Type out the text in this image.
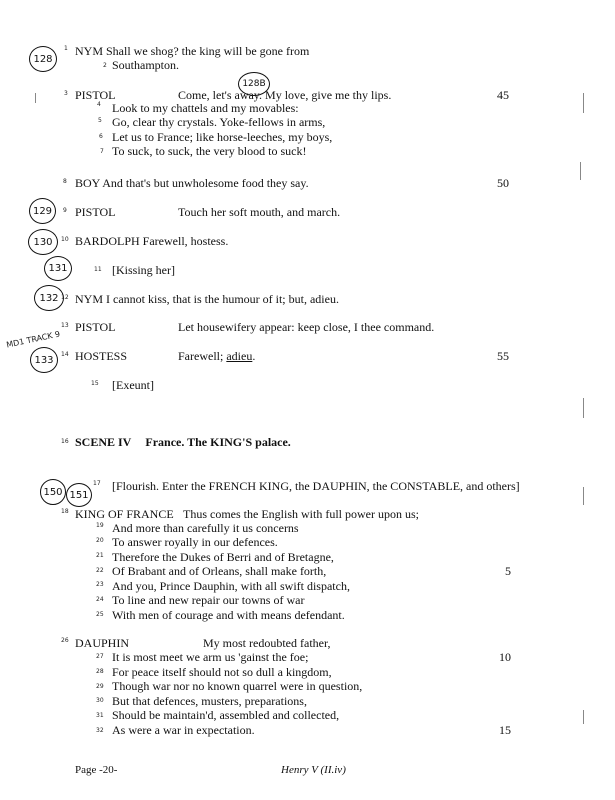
128
128B
129
130
131
132
MD1 TRACK 9
133
150 151
1
2
3
4
5
6
7
8
9
10
11
12
13
14
15
16
17
18
19
20
21
22
23
24
25
26
27
28
29
30
31
32
NYM Shall we shog? the king will be gone from
Southampton.
PISTOL	Come, let's away. My love, give me thy lips.	45
Look to my chattels and my movables:
Go, clear thy crystals. Yoke-fellows in arms,
Let us to France; like horse-leeches, my boys,
To suck, to suck, the very blood to suck!
BOY And that's but unwholesome food they say.	50
PISTOL	Touch her soft mouth, and march.
BARDOLPH Farewell, hostess.
[Kissing her]
NYM I cannot kiss, that is the humour of it; but, adieu.
PISTOL	Let housewifery appear: keep close, I thee command.
HOSTESS	Farewell; adieu.	55
[Exeunt]
SCENE IV France. The KING'S palace.
[Flourish. Enter the FRENCH KING, the DAUPHIN, the CONSTABLE, and others]
KING OF FRANCE Thus comes the English with full power upon us;
And more than carefully it us concerns
To answer royally in our defences.
Therefore the Dukes of Berri and of Bretagne,
Of Brabant and of Orleans, shall make forth,	5
And you, Prince Dauphin, with all swift dispatch,
To line and new repair our towns of war
With men of courage and with means defendant.
DAUPHIN	My most redoubted father,
It is most meet we arm us 'gainst the foe;	10
For peace itself should not so dull a kingdom,
Though war nor no known quarrel were in question,
But that defences, musters, preparations,
Should be maintain'd, assembled and collected,
As were a war in expectation.	15
Page -20-	Henry V (II.iv)
